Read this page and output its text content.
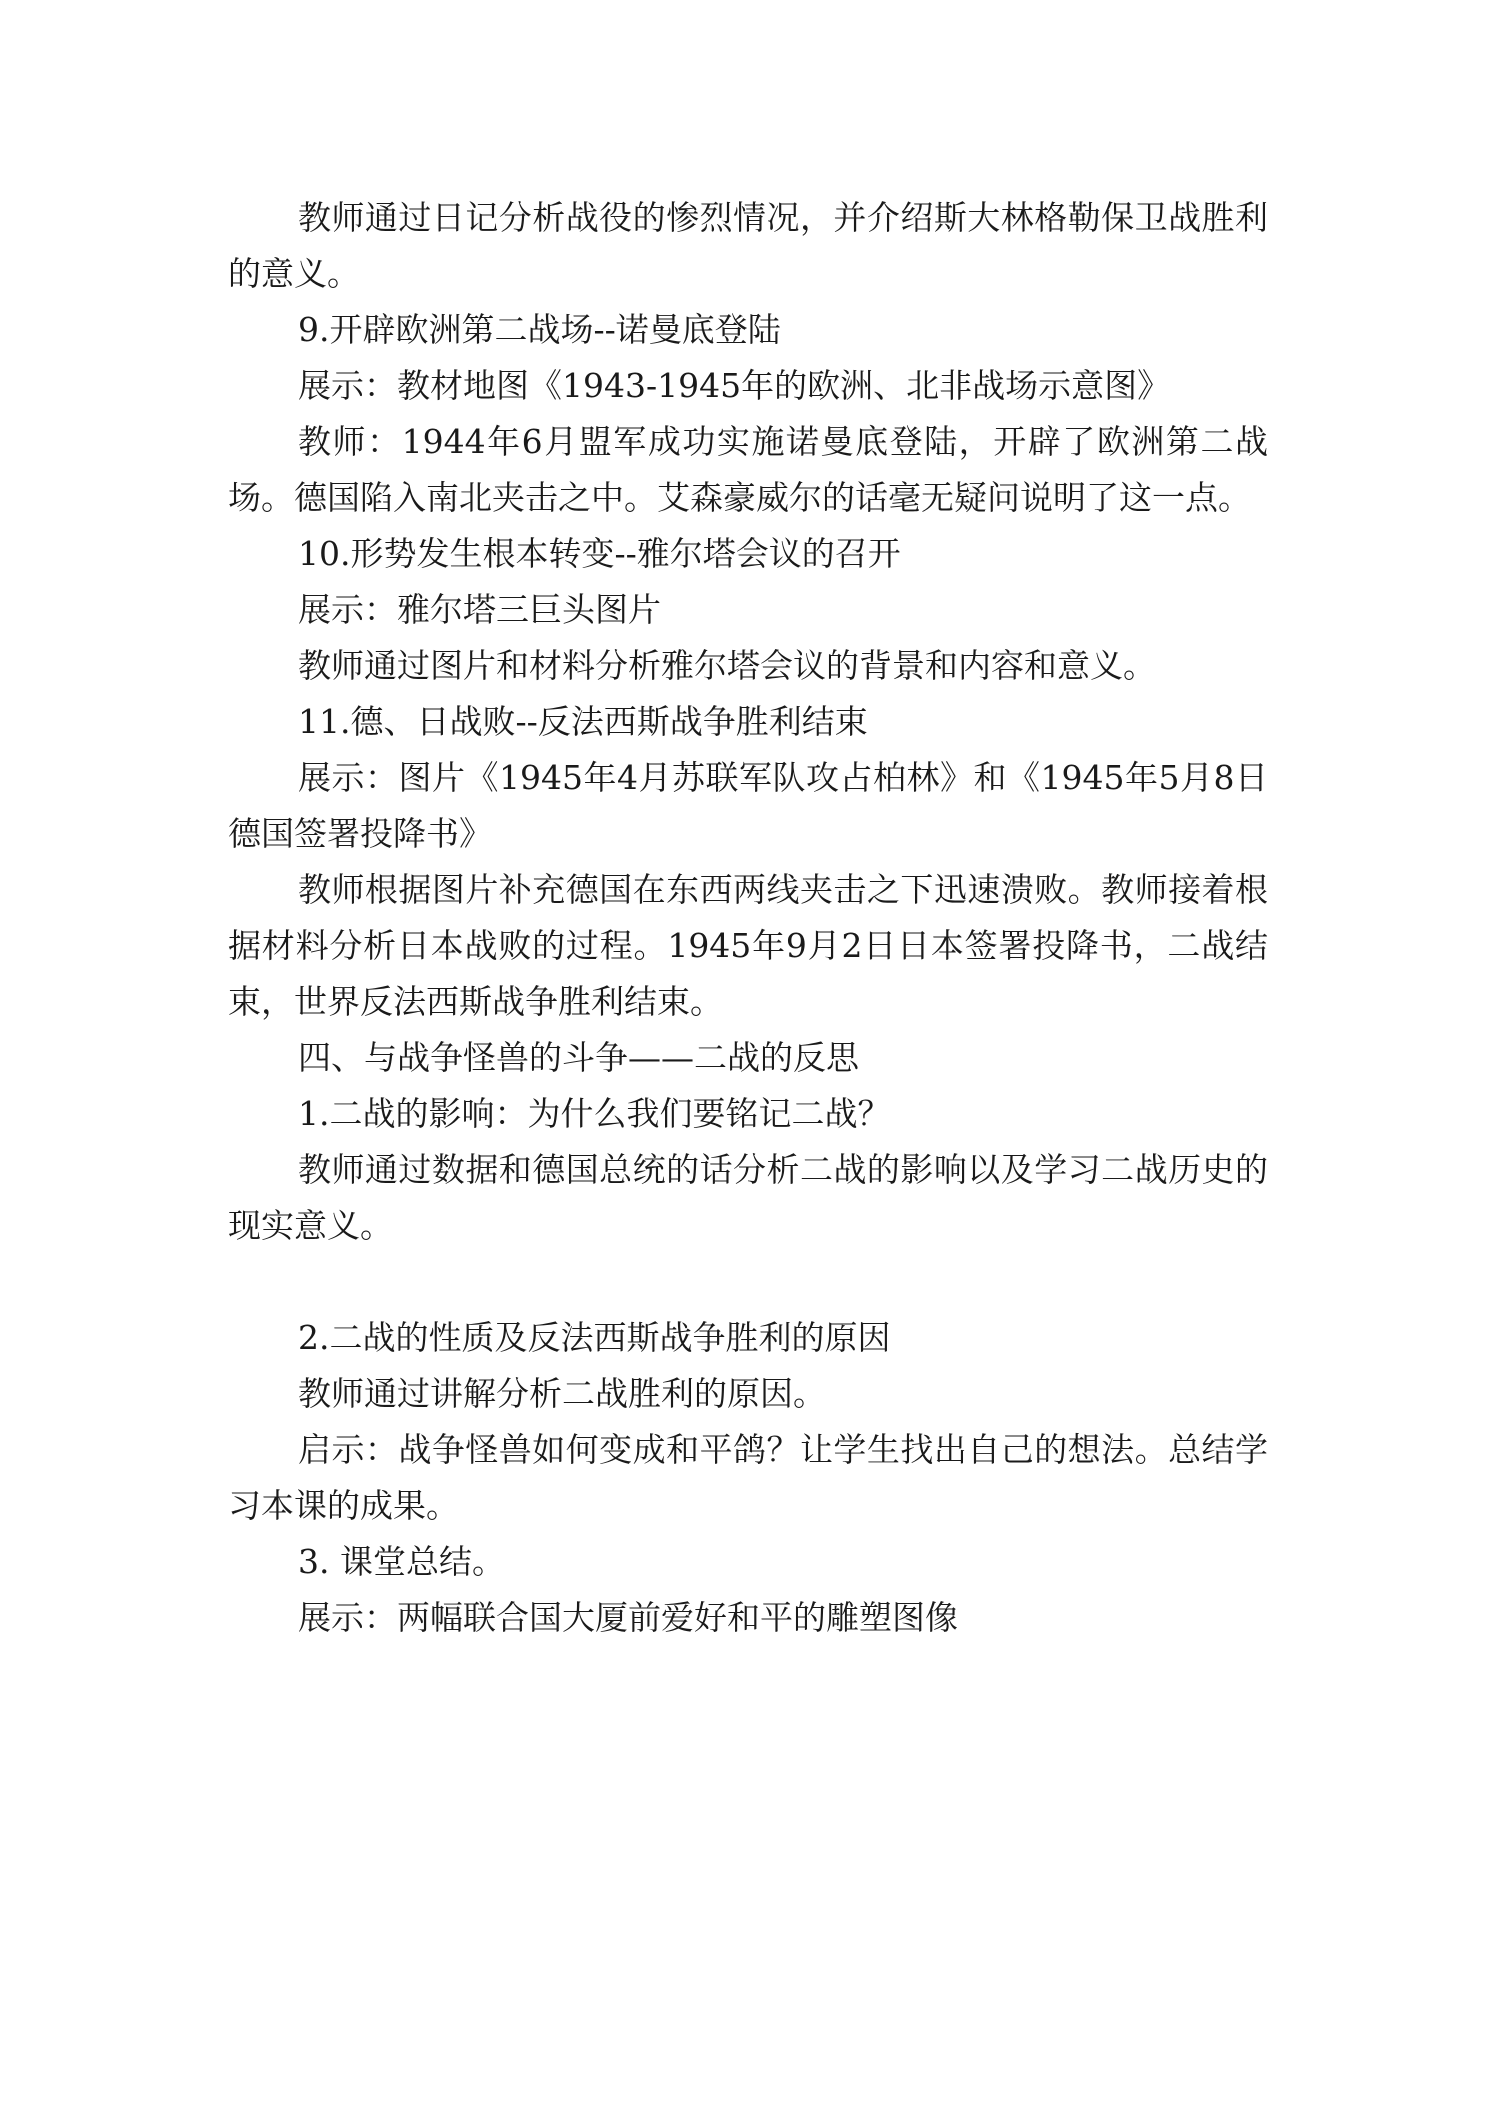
教师通过日记分析战役的惨烈情况，并介绍斯大林格勒保卫战胜利的意义。

9.开辟欧洲第二战场--诺曼底登陆

展示：教材地图《1943-1945年的欧洲、北非战场示意图》

教师：1944年6月盟军成功实施诺曼底登陆，开辟了欧洲第二战场。德国陷入南北夹击之中。艾森豪威尔的话毫无疑问说明了这一点。

10.形势发生根本转变--雅尔塔会议的召开

展示：雅尔塔三巨头图片

教师通过图片和材料分析雅尔塔会议的背景和内容和意义。

11.德、日战败--反法西斯战争胜利结束

展示：图片《1945年4月苏联军队攻占柏林》和《1945年5月8日德国签署投降书》

教师根据图片补充德国在东西两线夹击之下迅速溃败。教师接着根据材料分析日本战败的过程。1945年9月2日日本签署投降书，二战结束，世界反法西斯战争胜利结束。

四、与战争怪兽的斗争——二战的反思

1.二战的影响：为什么我们要铭记二战？

教师通过数据和德国总统的话分析二战的影响以及学习二战历史的现实意义。

2.二战的性质及反法西斯战争胜利的原因

教师通过讲解分析二战胜利的原因。

启示：战争怪兽如何变成和平鸽？让学生找出自己的想法。总结学习本课的成果。

3. 课堂总结。

展示：两幅联合国大厦前爱好和平的雕塑图像
